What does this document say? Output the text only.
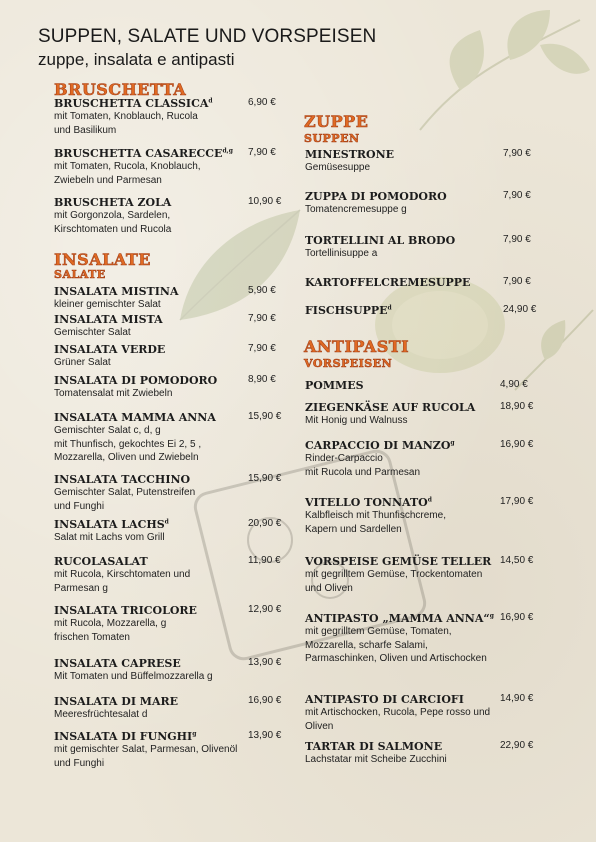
SUPPEN, SALATE UND VORSPEISEN
zuppe, insalata e antipasti
BRUSCHETTA
BRUSCHETTA CLASSICA$^d$
mit Tomaten, Knoblauch, Rucola
und Basilikum
6,90 €
BRUSCHETTA CASARECCE$^{d,g}$
mit Tomaten, Rucola, Knoblauch,
Zwiebeln und Parmesan
7,90 €
BRUSCHETA ZOLA
mit Gorgonzola, Sardelen,
Kirschtomaten und Rucola
10,90 €
INSALATA MISTINA
kleiner gemischter Salat
5,90 €
INSALATA MISTA
Gemischter Salat
7,90 €
INSALATA VERDE
Grüner Salat
7,90 €
INSALATA DI POMODORO
Tomatensalat mit Zwiebeln
8,90 €
INSALATA MAMMA ANNA
Gemischter Salat c, d, g
mit Thunfisch, gekochtes Ei 2, 5 ,
Mozzarella, Oliven und Zwiebeln
15,90 €
INSALATA TACCHINO
Gemischter Salat, Putenstreifen
und Funghi
15,90 €
INSALATA LACHS$^d$
Salat mit Lachs vom Grill
20,90 €
RUCOLASALAT
mit Rucola, Kirschtomaten und
Parmesan g
11,90 €
INSALATA TRICOLORE
mit Rucola, Mozzarella, g
frischen Tomaten
12,90 €
INSALATA CAPRESE
Mit Tomaten und Büffelmozzarella g
13,90 €
INSALATA DI MARE
Meeresfrüchtesalat d
16,90 €
INSALATA DI FUNGHI$^g$
mit gemischter Salat, Parmesan, Olivenöl
und Funghi
13,90 €
INSALATE
SALATE
ZUPPE
SUPPEN
ANTIPASTI
VORSPEISEN
MINESTRONE
Gemüsesuppe
7,90 €
ZUPPA DI POMODORO
Tomatencremesuppe g
7,90 €
TORTELLINI AL BRODO
Tortellinisuppe a
7,90 €
KARTOFFELCREMESUPPE	7,90 €
FISCHSUPPE$^d$	24,90 €
POMMES	4,90 €
ZIEGENKÄSE AUF RUCOLA
Mit Honig und Walnuss
18,90 €
CARPACCIO DI MANZO$^g$
Rinder-Carpaccio
mit Rucola und Parmesan
16,90 €
VITELLO TONNATO$^d$
Kalbfleisch mit Thunfischcreme,
Kapern und Sardellen
17,90 €
VORSPEISE GEMÜSE TELLER
mit gegrilltem Gemüse, Trockentomaten
und Oliven
14,50 €
ANTIPASTO „MAMMA ANNA“$^g$
mit gegrilltem Gemüse, Tomaten,
Mozzarella, scharfe Salami,
Parmaschinken, Oliven und Artischocken
16,90 €
ANTIPASTO DI CARCIOFI
mit Artischocken, Rucola, Pepe rosso und
Oliven
14,90 €
TARTAR DI SALMONE
Lachstatar mit Scheibe Zucchini
22,90 €
